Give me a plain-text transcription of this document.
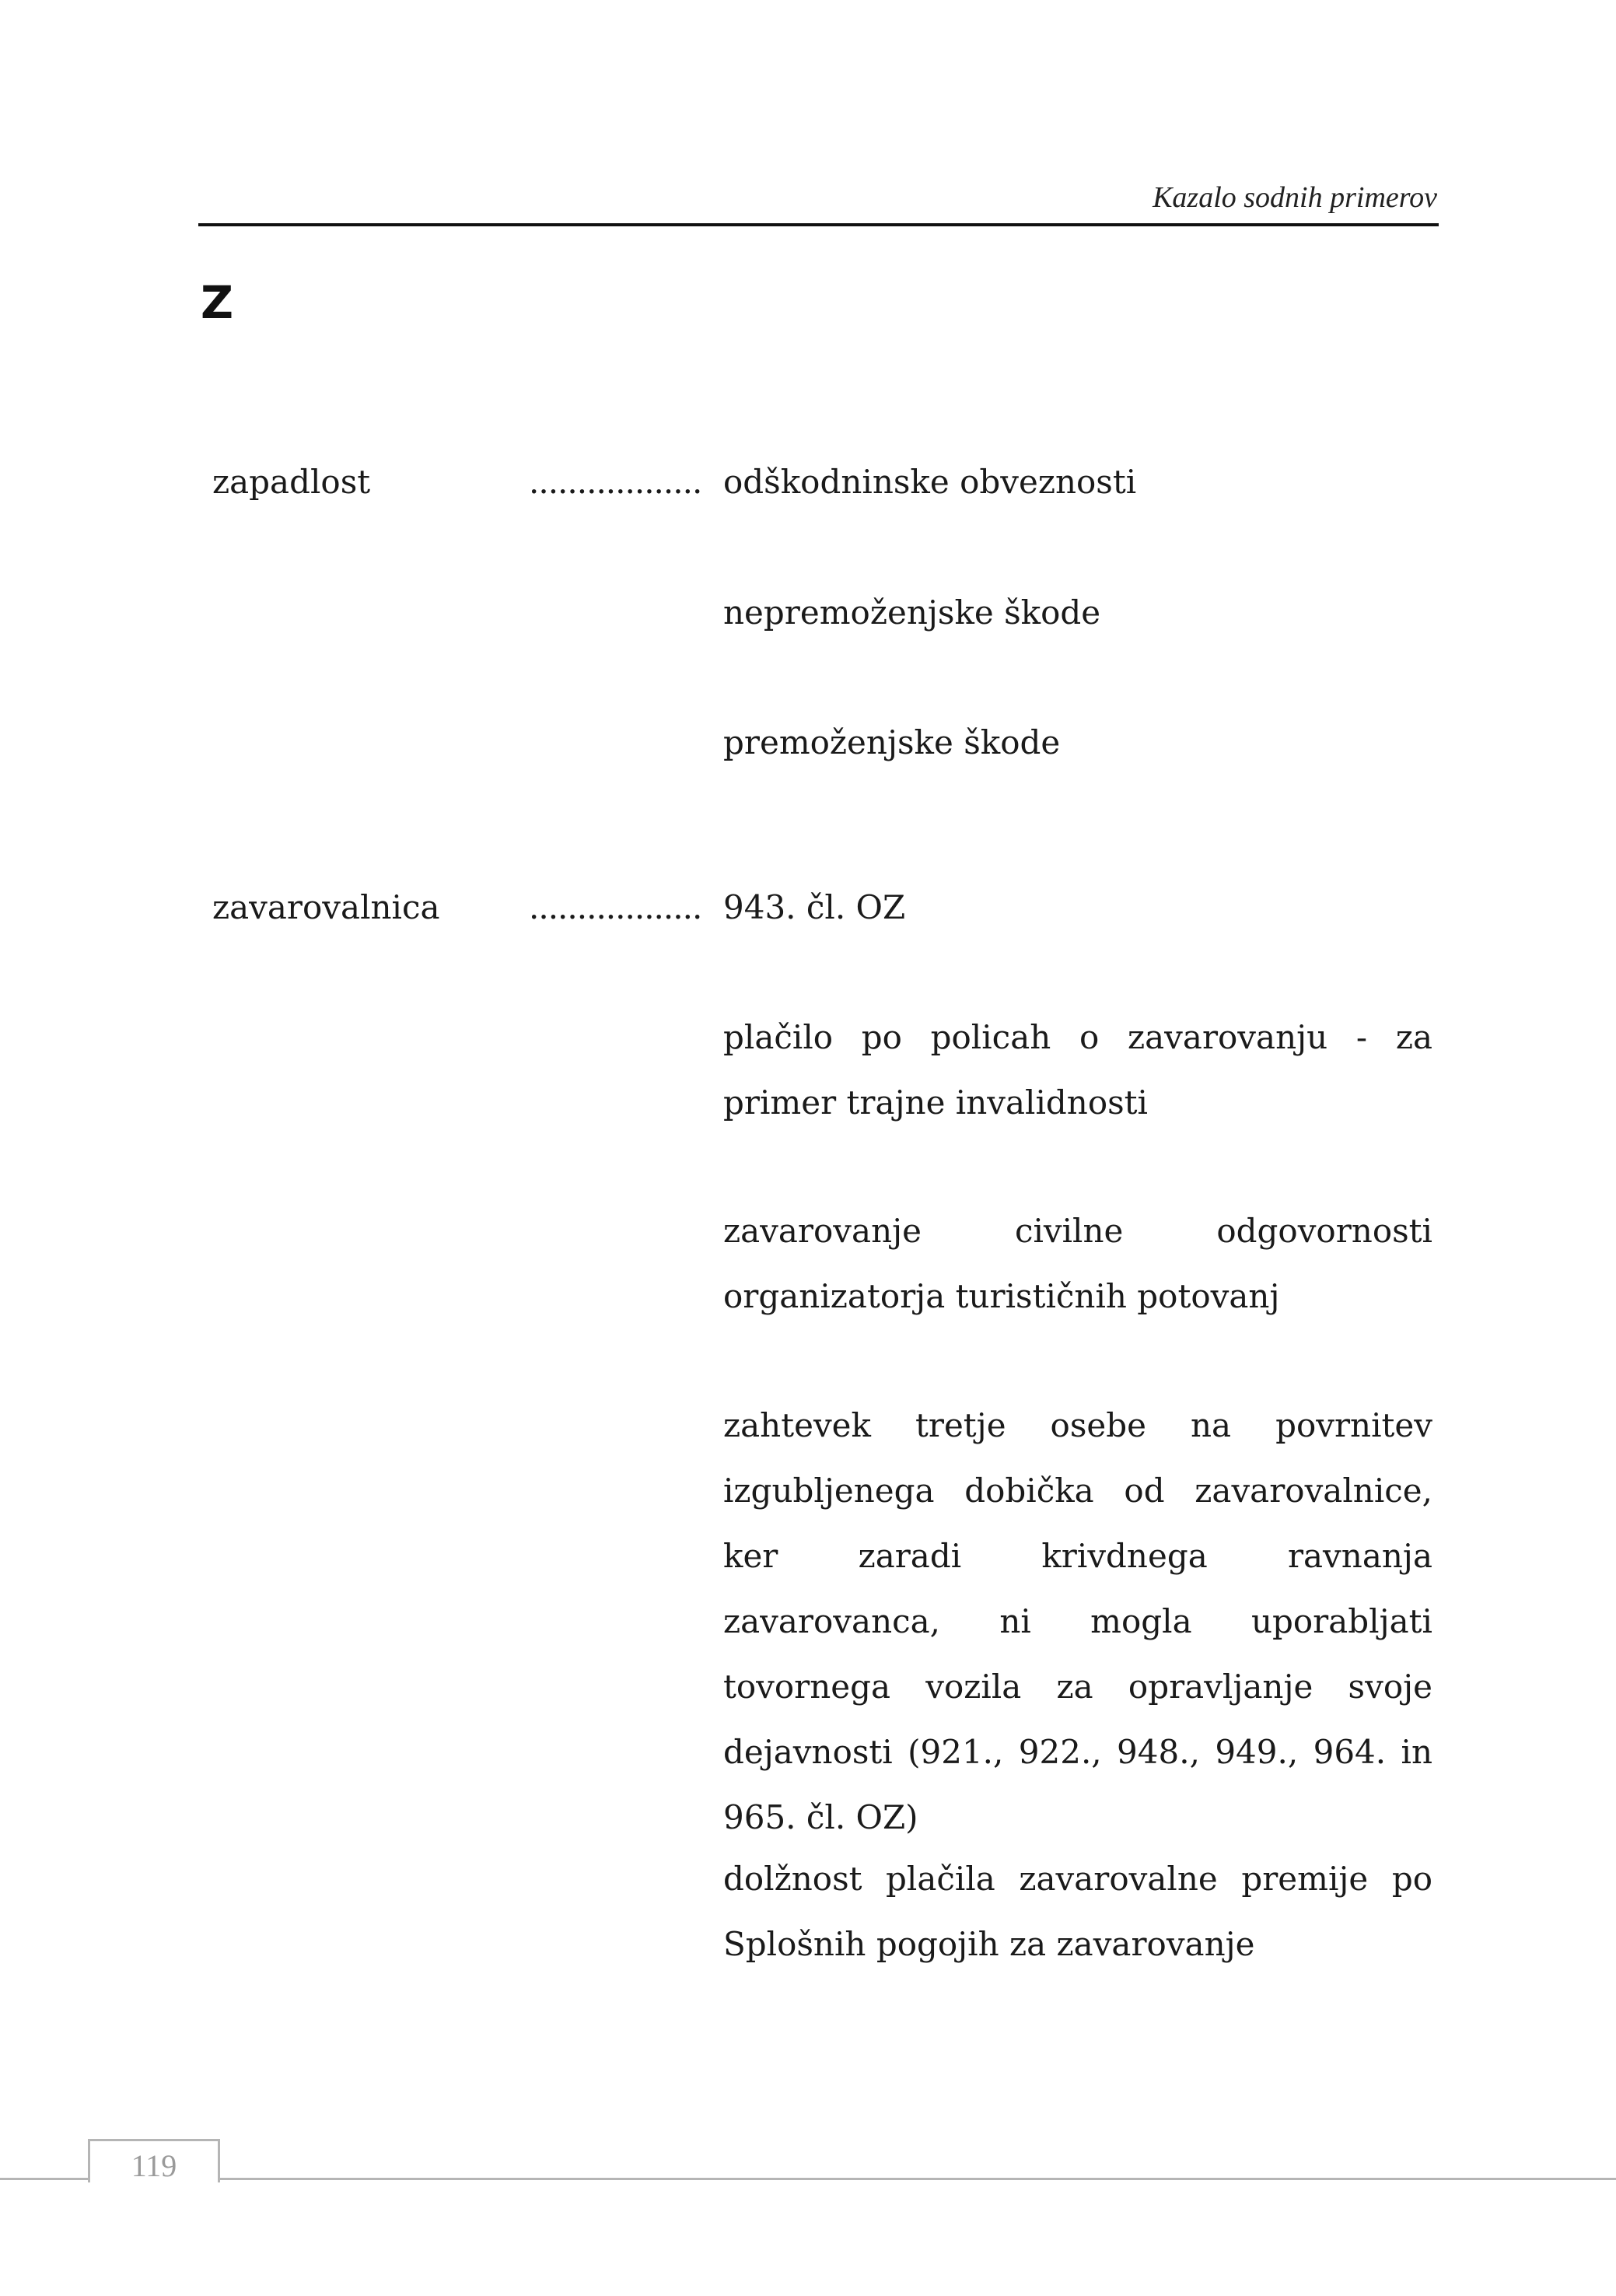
Kazalo sodnih primerov
Z
zapadlost	.................. odškodninske obveznosti
nepremoženjske škode
premoženjske škode
zavarovalnica	.................. 943. čl. OZ
plačilo po policah o zavarovanju - za primer trajne invalidnosti
zavarovanje civilne odgovornosti organizatorja turističnih potovanj
zahtevek tretje osebe na povrnitev izgubljenega dobička od zavarovalnice, ker zaradi krivdnega ravnanja zavarovanca, ni mogla uporabljati tovornega vozila za opravljanje svoje dejavnosti (921., 922., 948., 949., 964. in 965. čl. OZ)
dolžnost plačila zavarovalne premije po Splošnih pogojih za zavarovanje
119
